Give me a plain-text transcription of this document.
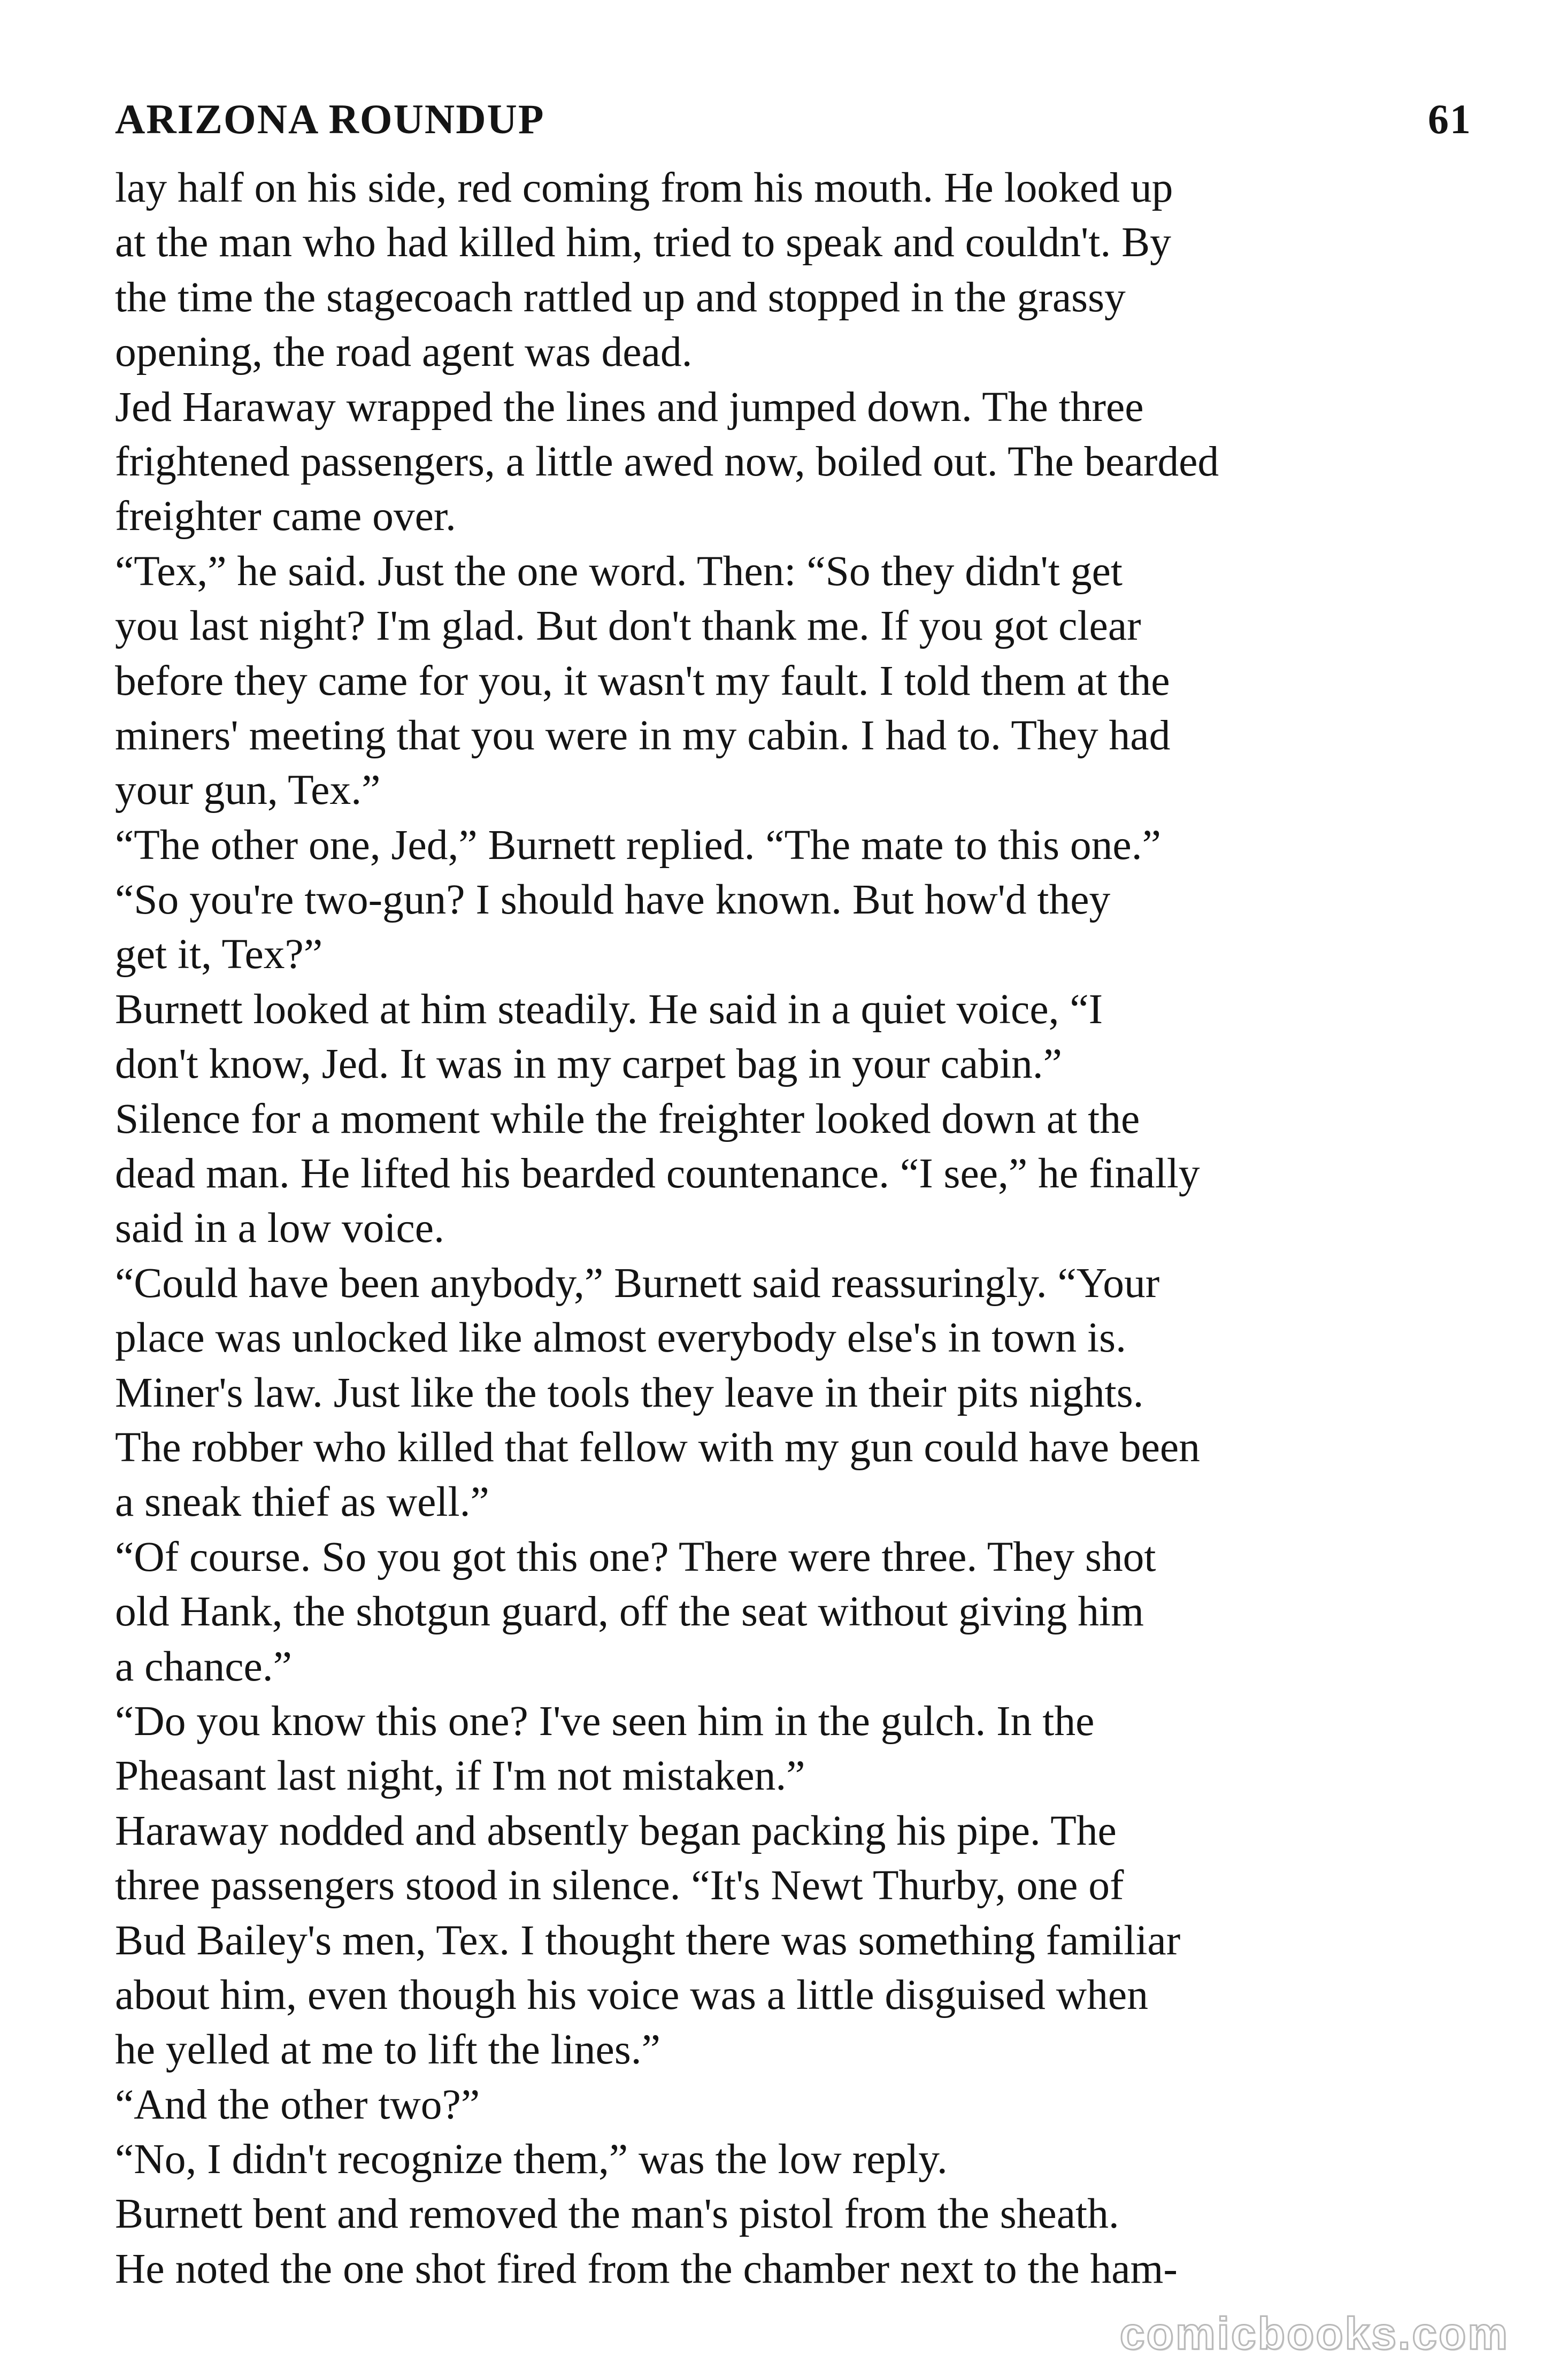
ARIZONA ROUNDUP	61
lay half on his side, red coming from his mouth. He looked up
at the man who had killed him, tried to speak and couldn't. By
the time the stagecoach rattled up and stopped in the grassy
opening, the road agent was dead.
Jed Haraway wrapped the lines and jumped down. The three
frightened passengers, a little awed now, boiled out. The bearded
freighter came over.
“Tex,” he said. Just the one word. Then: “So they didn't get
you last night? I'm glad. But don't thank me. If you got clear
before they came for you, it wasn't my fault. I told them at the
miners' meeting that you were in my cabin. I had to. They had
your gun, Tex.”
“The other one, Jed,” Burnett replied. “The mate to this one.”
“So you're two-gun? I should have known. But how'd they
get it, Tex?”
Burnett looked at him steadily. He said in a quiet voice, “I
don't know, Jed. It was in my carpet bag in your cabin.”
Silence for a moment while the freighter looked down at the
dead man. He lifted his bearded countenance. “I see,” he finally
said in a low voice.
“Could have been anybody,” Burnett said reassuringly. “Your
place was unlocked like almost everybody else's in town is.
Miner's law. Just like the tools they leave in their pits nights.
The robber who killed that fellow with my gun could have been
a sneak thief as well.”
“Of course. So you got this one? There were three. They shot
old Hank, the shotgun guard, off the seat without giving him
a chance.”
“Do you know this one? I've seen him in the gulch. In the
Pheasant last night, if I'm not mistaken.”
Haraway nodded and absently began packing his pipe. The
three passengers stood in silence. “It's Newt Thurby, one of
Bud Bailey's men, Tex. I thought there was something familiar
about him, even though his voice was a little disguised when
he yelled at me to lift the lines.”
“And the other two?”
“No, I didn't recognize them,” was the low reply.
Burnett bent and removed the man's pistol from the sheath.
He noted the one shot fired from the chamber next to the ham-
comicbooks.com
